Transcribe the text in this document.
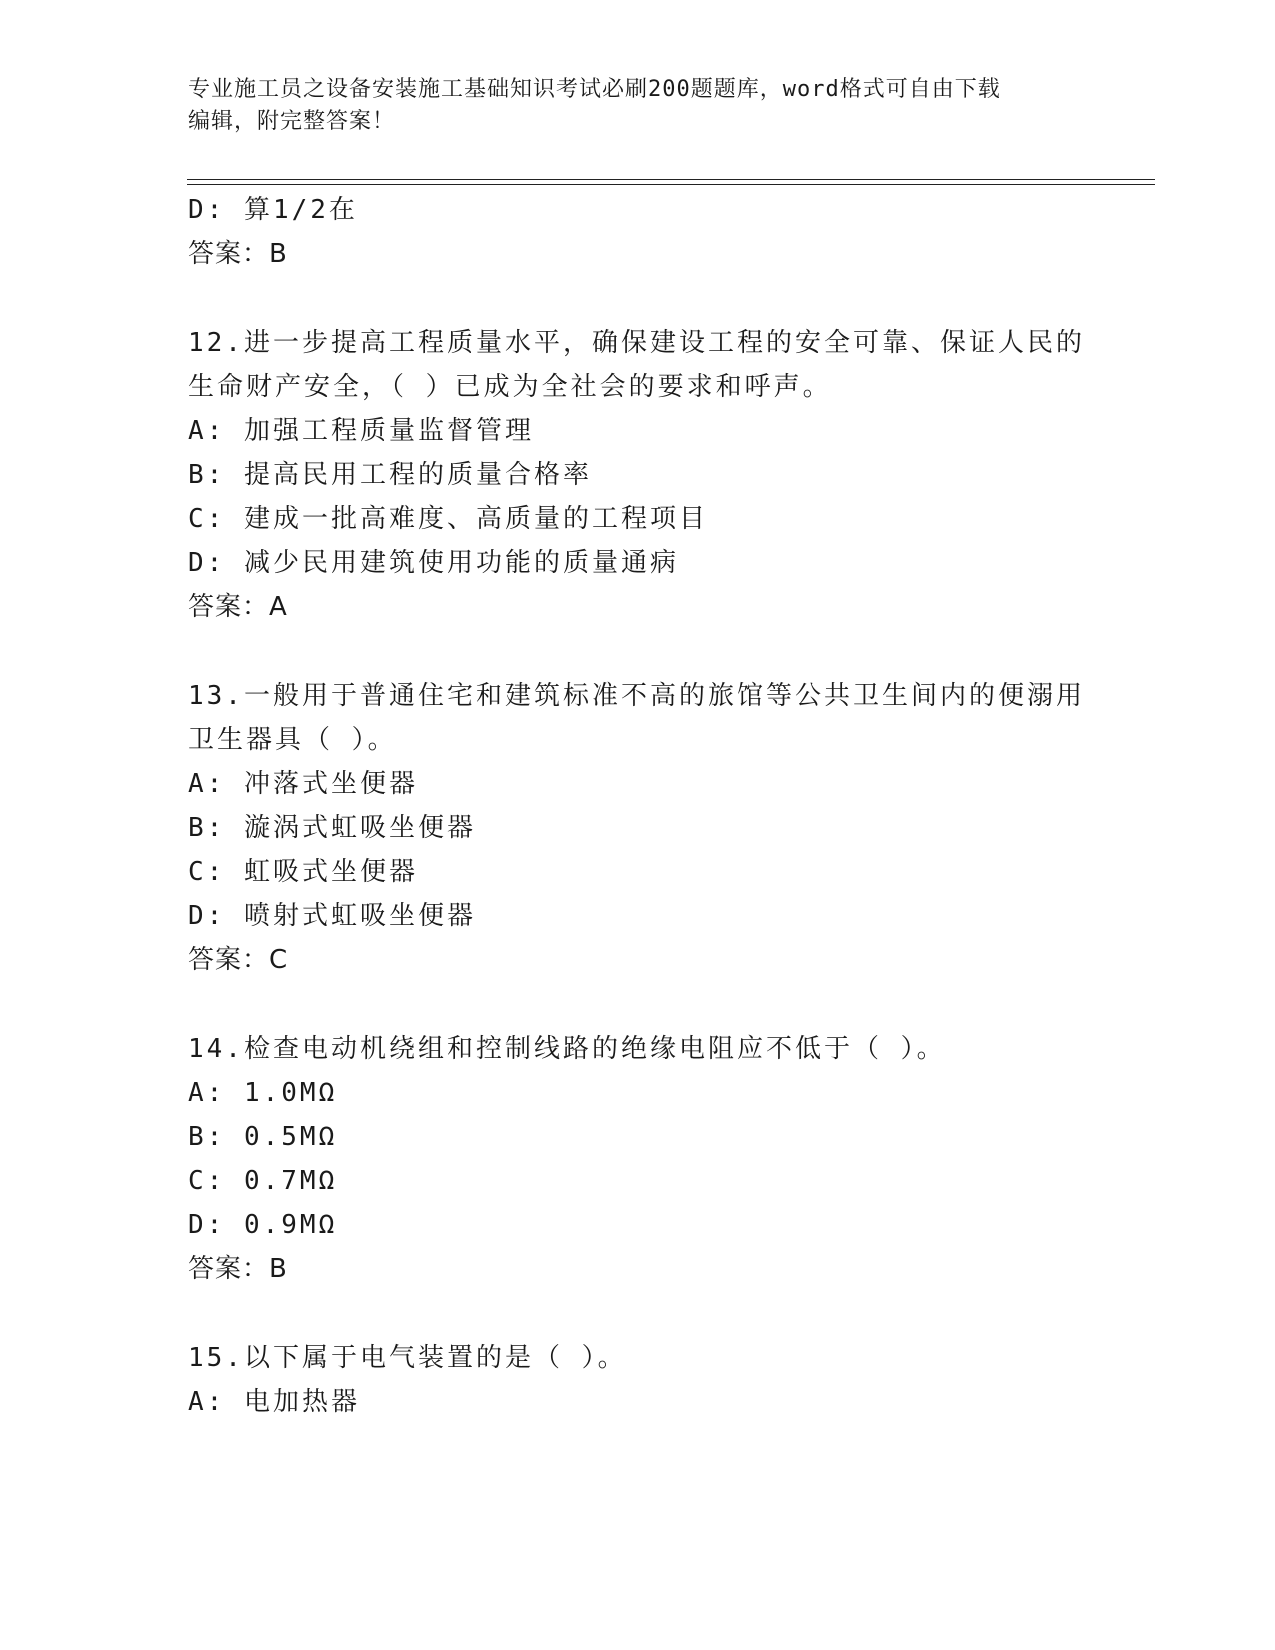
专业施工员之设备安装施工基础知识考试必刷200题题库，word格式可自由下载
编辑，附完整答案！
D: 算1/2在
答案：B
12.进一步提高工程质量水平，确保建设工程的安全可靠、保证人民的
生命财产安全，（ ）已成为全社会的要求和呼声。
A: 加强工程质量监督管理
B: 提高民用工程的质量合格率
C: 建成一批高难度、高质量的工程项目
D: 减少民用建筑使用功能的质量通病
答案：A
13.一般用于普通住宅和建筑标准不高的旅馆等公共卫生间内的便溺用
卫生器具（ ）。
A: 冲落式坐便器
B: 漩涡式虹吸坐便器
C: 虹吸式坐便器
D: 喷射式虹吸坐便器
答案：C
14.检查电动机绕组和控制线路的绝缘电阻应不低于（ ）。
A: 1.0MΩ
B: 0.5MΩ
C: 0.7MΩ
D: 0.9MΩ
答案：B
15.以下属于电气装置的是（ ）。
A: 电加热器
